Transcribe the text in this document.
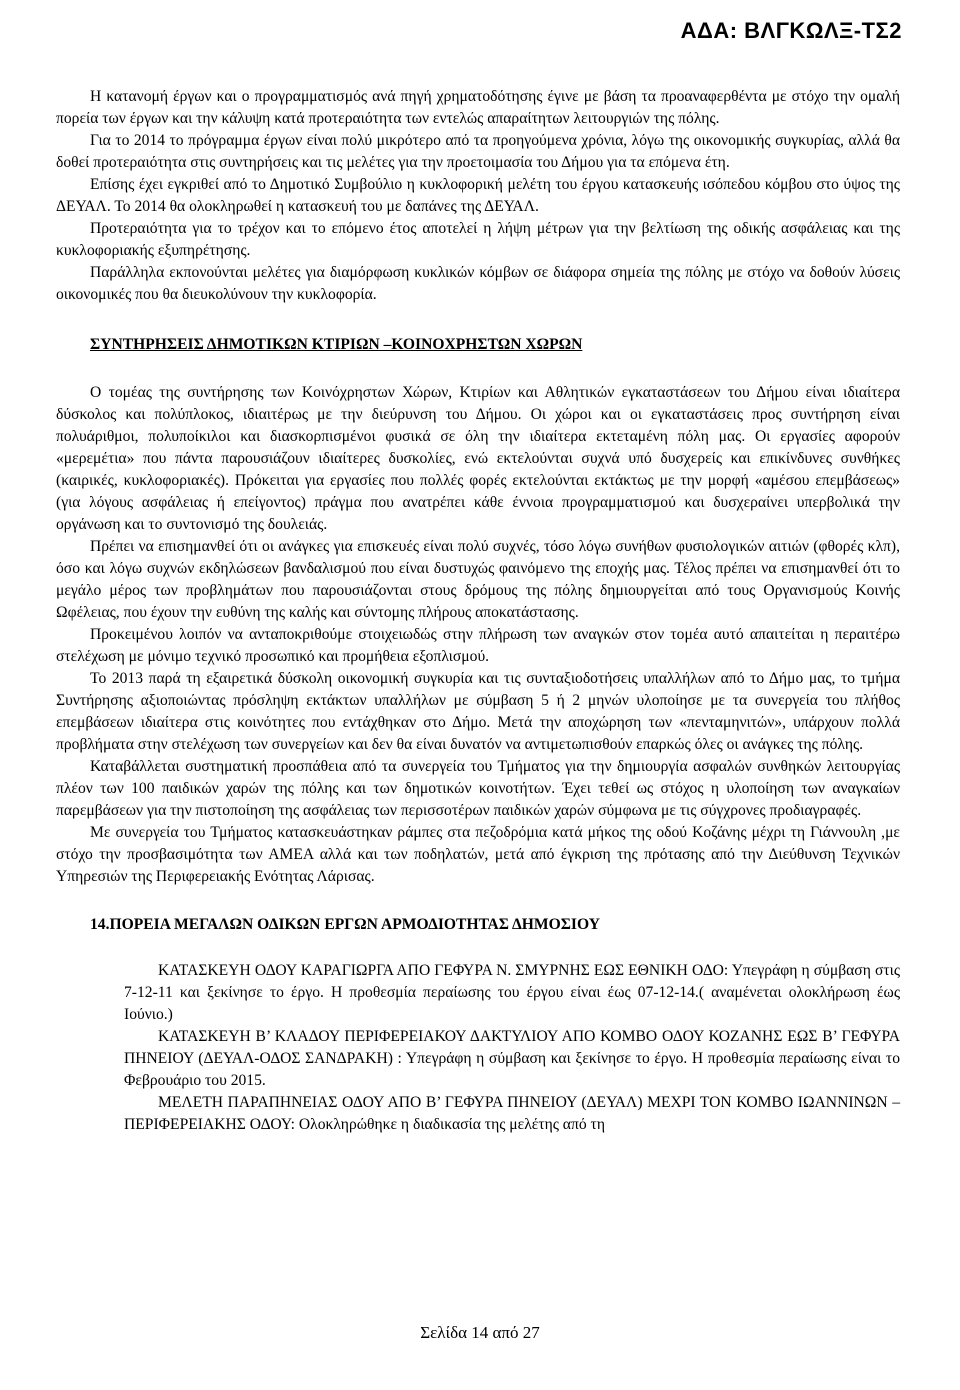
ΑΔΑ: ΒΛΓΚΩΛΞ-ΤΣ2

Η κατανομή έργων και ο προγραμματισμός ανά πηγή χρηματοδότησης έγινε με βάση τα προαναφερθέντα με στόχο την ομαλή πορεία των έργων και την κάλυψη κατά προτεραιότητα των εντελώς απαραίτητων λειτουργιών της πόλης.

Για το 2014 το πρόγραμμα έργων είναι πολύ μικρότερο από τα προηγούμενα χρόνια, λόγω της οικονομικής συγκυρίας, αλλά θα δοθεί προτεραιότητα στις συντηρήσεις και τις μελέτες για την προετοιμασία του Δήμου για τα επόμενα έτη.

Επίσης έχει εγκριθεί από το Δημοτικό Συμβούλιο η κυκλοφορική μελέτη του έργου κατασκευής ισόπεδου κόμβου στο ύψος της ΔΕΥΑΛ. Το 2014 θα ολοκληρωθεί η κατασκευή του με δαπάνες της ΔΕΥΑΛ.

Προτεραιότητα για το τρέχον και το επόμενο έτος αποτελεί η λήψη μέτρων για την βελτίωση της οδικής ασφάλειας και της κυκλοφοριακής εξυπηρέτησης.

Παράλληλα εκπονούνται μελέτες για διαμόρφωση κυκλικών κόμβων σε διάφορα σημεία της πόλης με στόχο να δοθούν λύσεις οικονομικές που θα διευκολύνουν την κυκλοφορία.

ΣΥΝΤΗΡΗΣΕΙΣ ΔΗΜΟΤΙΚΩΝ ΚΤΙΡΙΩΝ –ΚΟΙΝΟΧΡΗΣΤΩΝ ΧΩΡΩΝ

Ο τομέας της συντήρησης των Κοινόχρηστων Χώρων, Κτιρίων και Αθλητικών εγκαταστάσεων του Δήμου είναι ιδιαίτερα δύσκολος και πολύπλοκος, ιδιαιτέρως με την διεύρυνση του Δήμου. Οι χώροι και οι εγκαταστάσεις προς συντήρηση είναι πολυάριθμοι, πολυποίκιλοι και διασκορπισμένοι φυσικά σε όλη την ιδιαίτερα εκτεταμένη πόλη μας. Οι εργασίες αφορούν «μερεμέτια» που πάντα παρουσιάζουν ιδιαίτερες δυσκολίες, ενώ εκτελούνται συχνά υπό δυσχερείς και επικίνδυνες συνθήκες (καιρικές, κυκλοφοριακές). Πρόκειται για εργασίες που πολλές φορές εκτελούνται εκτάκτως με την μορφή «αμέσου επεμβάσεως» (για λόγους ασφάλειας ή επείγοντος) πράγμα που ανατρέπει κάθε έννοια προγραμματισμού και δυσχεραίνει υπερβολικά την οργάνωση και το συντονισμό της δουλειάς.

Πρέπει να επισημανθεί ότι οι ανάγκες για επισκευές είναι πολύ συχνές, τόσο λόγω συνήθων φυσιολογικών αιτιών (φθορές κλπ), όσο και λόγω συχνών εκδηλώσεων βανδαλισμού που είναι δυστυχώς φαινόμενο της εποχής μας. Τέλος πρέπει να επισημανθεί ότι το μεγάλο μέρος των προβλημάτων που παρουσιάζονται στους δρόμους της πόλης δημιουργείται από τους Οργανισμούς Κοινής Ωφέλειας, που έχουν την ευθύνη της καλής και σύντομης πλήρους αποκατάστασης.

Προκειμένου λοιπόν να ανταποκριθούμε στοιχειωδώς στην πλήρωση των αναγκών στον τομέα αυτό απαιτείται η περαιτέρω στελέχωση με μόνιμο τεχνικό προσωπικό και προμήθεια εξοπλισμού.

Το 2013 παρά τη εξαιρετικά δύσκολη οικονομική συγκυρία και τις συνταξιοδοτήσεις υπαλλήλων από το Δήμο μας, το τμήμα Συντήρησης αξιοποιώντας πρόσληψη εκτάκτων υπαλλήλων με σύμβαση 5 ή 2 μηνών υλοποίησε με τα συνεργεία του πλήθος επεμβάσεων ιδιαίτερα στις κοινότητες που εντάχθηκαν στο Δήμο. Μετά την αποχώρηση των «πενταμηνιτών», υπάρχουν πολλά προβλήματα στην στελέχωση των συνεργείων και δεν θα είναι δυνατόν να αντιμετωπισθούν επαρκώς όλες οι ανάγκες της πόλης.

Καταβάλλεται συστηματική προσπάθεια από τα συνεργεία του Τμήματος για την δημιουργία ασφαλών συνθηκών λειτουργίας πλέον των 100 παιδικών χαρών της πόλης και των δημοτικών κοινοτήτων. Έχει τεθεί ως στόχος η υλοποίηση των αναγκαίων παρεμβάσεων για την πιστοποίηση της ασφάλειας των περισσοτέρων παιδικών χαρών σύμφωνα με τις σύγχρονες προδιαγραφές.

Με συνεργεία του Τμήματος κατασκευάστηκαν ράμπες στα πεζοδρόμια κατά μήκος της οδού Κοζάνης μέχρι τη Γιάννουλη ,με στόχο την προσβασιμότητα των ΑΜΕΑ αλλά και των ποδηλατών, μετά από έγκριση της πρότασης από την Διεύθυνση Τεχνικών Υπηρεσιών της Περιφερειακής Ενότητας Λάρισας.

14.ΠΟΡΕΙΑ ΜΕΓΑΛΩΝ ΟΔΙΚΩΝ ΕΡΓΩΝ ΑΡΜΟΔΙΟΤΗΤΑΣ ΔΗΜΟΣΙΟΥ

ΚΑΤΑΣΚΕΥΗ ΟΔΟΥ ΚΑΡΑΓΙΩΡΓΑ ΑΠΟ ΓΕΦΥΡΑ Ν. ΣΜΥΡΝΗΣ ΕΩΣ ΕΘΝΙΚΗ ΟΔΟ: Υπεγράφη η σύμβαση στις 7-12-11 και ξεκίνησε το έργο. Η προθεσμία περαίωσης του έργου είναι έως 07-12-14.( αναμένεται ολοκλήρωση έως Ιούνιο.)

ΚΑΤΑΣΚΕΥΗ Β’ ΚΛΑΔΟΥ ΠΕΡΙΦΕΡΕΙΑΚΟΥ ΔΑΚΤΥΛΙΟΥ ΑΠΟ ΚΟΜΒΟ ΟΔΟΥ ΚΟΖΑΝΗΣ ΕΩΣ Β’ ΓΕΦΥΡΑ ΠΗΝΕΙΟΥ (ΔΕΥΑΛ-ΟΔΟΣ ΣΑΝΔΡΑΚΗ) : Υπεγράφη η σύμβαση και ξεκίνησε το έργο. Η προθεσμία περαίωσης είναι το Φεβρουάριο του 2015.

ΜΕΛΕΤΗ ΠΑΡΑΠΗΝΕΙΑΣ ΟΔΟΥ ΑΠΟ Β’ ΓΕΦΥΡΑ ΠΗΝΕΙΟΥ (ΔΕΥΑΛ) ΜΕΧΡΙ ΤΟΝ ΚΟΜΒΟ ΙΩΑΝΝΙΝΩΝ – ΠΕΡΙΦΕΡΕΙΑΚΗΣ ΟΔΟΥ: Ολοκληρώθηκε η διαδικασία της μελέτης από τη

Σελίδα 14 από 27
